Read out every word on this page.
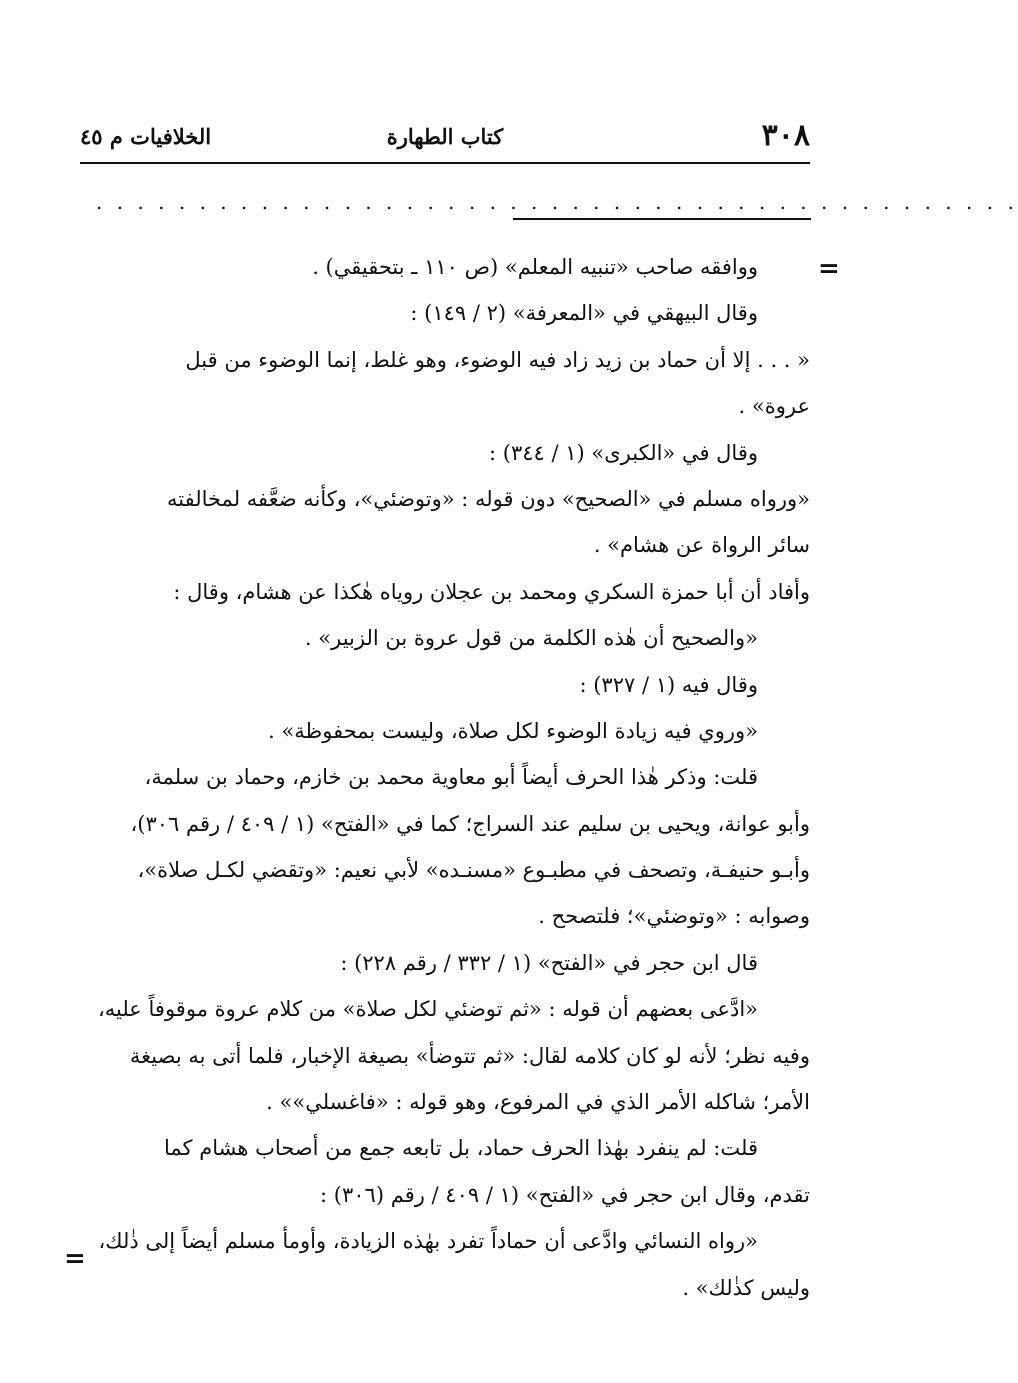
٣٠٨
كتاب الطهارة
الخلافيات م ٤٥
. . . . . . . . . . . . . . . . . . . . . . . . . . . . . . . . . . . . . . . . . . . . .
=
=
ووافقه صاحب «تنبيه المعلم» (ص ١١٠ ـ بتحقيقي) .
وقال البيهقي في «المعرفة» (٢ / ١٤٩) :
« . . . إلا أن حماد بن زيد زاد فيه الوضوء، وهو غلط، إنما الوضوء من قبل
عروة» .
وقال في «الكبرى» (١ / ٣٤٤) :
«ورواه مسلم في «الصحيح» دون قوله : «وتوضئي»، وكأنه ضعَّفه لمخالفته
سائر الرواة عن هشام» .
وأفاد أن أبا حمزة السكري ومحمد بن عجلان روياه هٰكذا عن هشام، وقال :
«والصحيح أن هٰذه الكلمة من قول عروة بن الزبير» .
وقال فيه (١ / ٣٢٧) :
«وروي فيه زيادة الوضوء لكل صلاة، وليست بمحفوظة» .
قلت: وذكر هٰذا الحرف أيضاً أبو معاوية محمد بن خازم، وحماد بن سلمة،
وأبو عوانة، ويحيى بن سليم عند السراج؛ كما في «الفتح» (١ / ٤٠٩ / رقم ٣٠٦)،
وأبـو حنيفـة، وتصحف في مطبـوع «مسنـده» لأبي نعيم: «وتقضي لكـل صلاة»،
وصوابه : «وتوضئي»؛ فلتصحح .
قال ابن حجر في «الفتح» (١ / ٣٣٢ / رقم ٢٢٨) :
«ادَّعى بعضهم أن قوله : «ثم توضئي لكل صلاة» من كلام عروة موقوفاً عليه،
وفيه نظر؛ لأنه لو كان كلامه لقال: «ثم تتوضأ» بصيغة الإخبار، فلما أتى به بصيغة
الأمر؛ شاكله الأمر الذي في المرفوع، وهو قوله : «فاغسلي»» .
قلت: لم ينفرد بهٰذا الحرف حماد، بل تابعه جمع من أصحاب هشام كما
تقدم، وقال ابن حجر في «الفتح» (١ / ٤٠٩ / رقم (٣٠٦) :
«رواه النسائي وادَّعى أن حماداً تفرد بهٰذه الزيادة، وأومأ مسلم أيضاً إلى ذٰلك،
وليس كذٰلك» .
